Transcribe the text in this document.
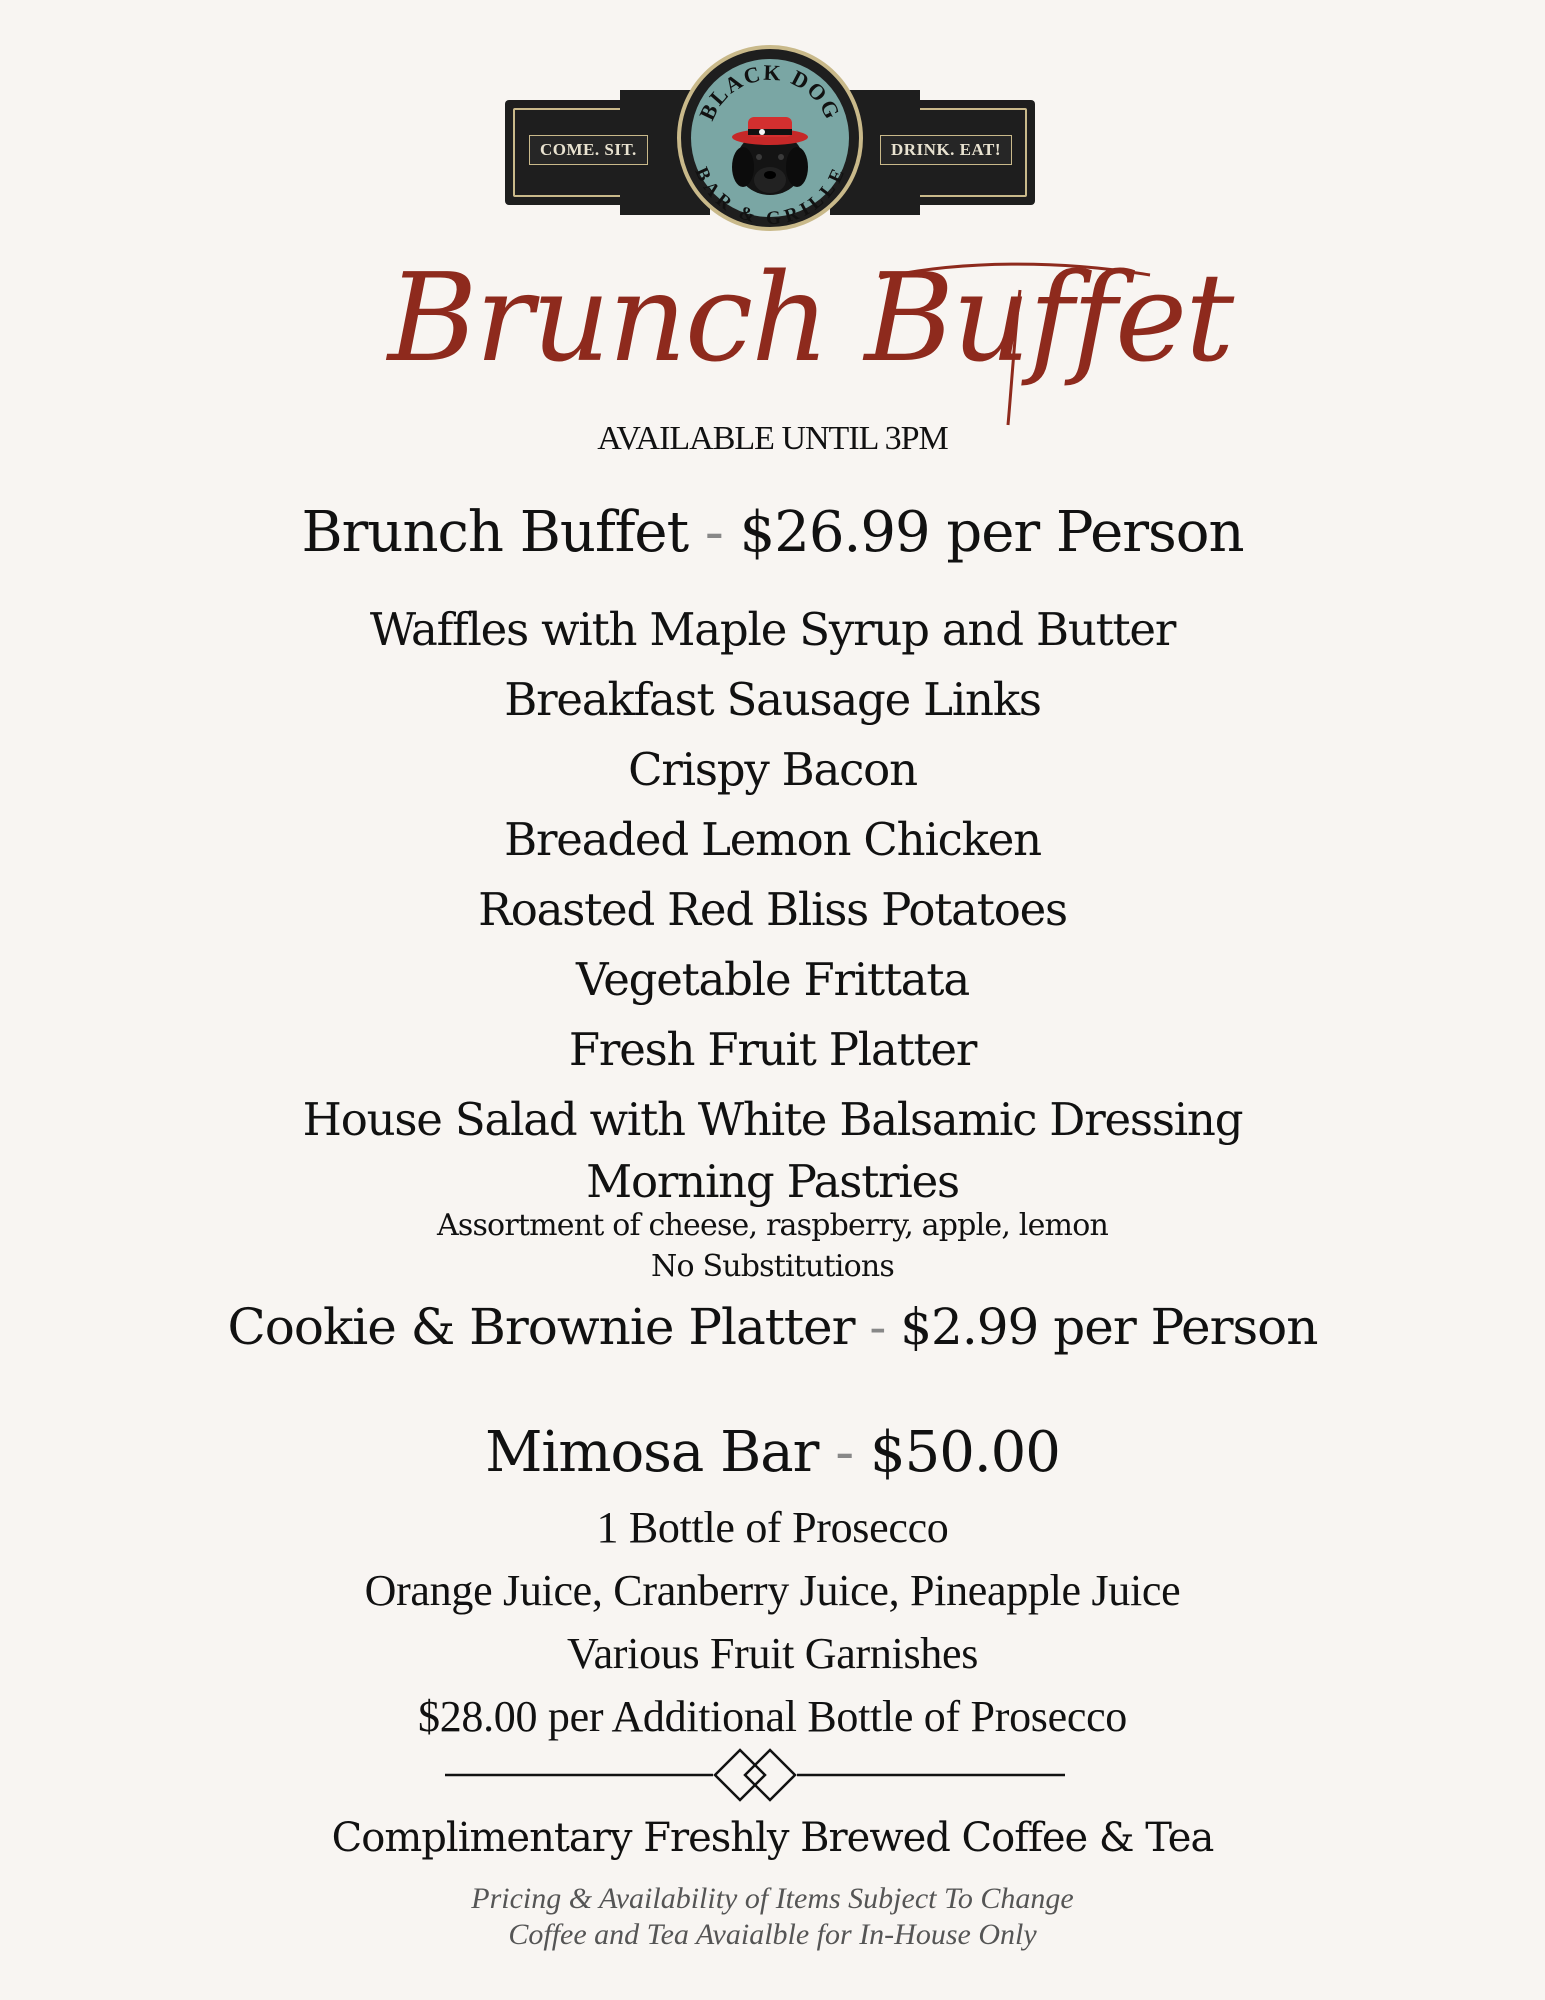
COME. SIT.	DRINK. EAT!
BLACK DOG
BAR & GRILLE
Brunch Buffet
AVAILABLE UNTIL 3PM
Brunch Buffet - $26.99 per Person
Waffles with Maple Syrup and Butter
Breakfast Sausage Links
Crispy Bacon
Breaded Lemon Chicken
Roasted Red Bliss Potatoes
Vegetable Frittata
Fresh Fruit Platter
House Salad with White Balsamic Dressing
Morning Pastries
Assortment of cheese, raspberry, apple, lemon
No Substitutions
Cookie & Brownie Platter - $2.99 per Person
Mimosa Bar - $50.00
1 Bottle of Prosecco
Orange Juice, Cranberry Juice, Pineapple Juice
Various Fruit Garnishes
$28.00 per Additional Bottle of Prosecco
Complimentary Freshly Brewed Coffee & Tea
Pricing & Availability of Items Subject To Change
Coffee and Tea Avaialble for In-House Only
